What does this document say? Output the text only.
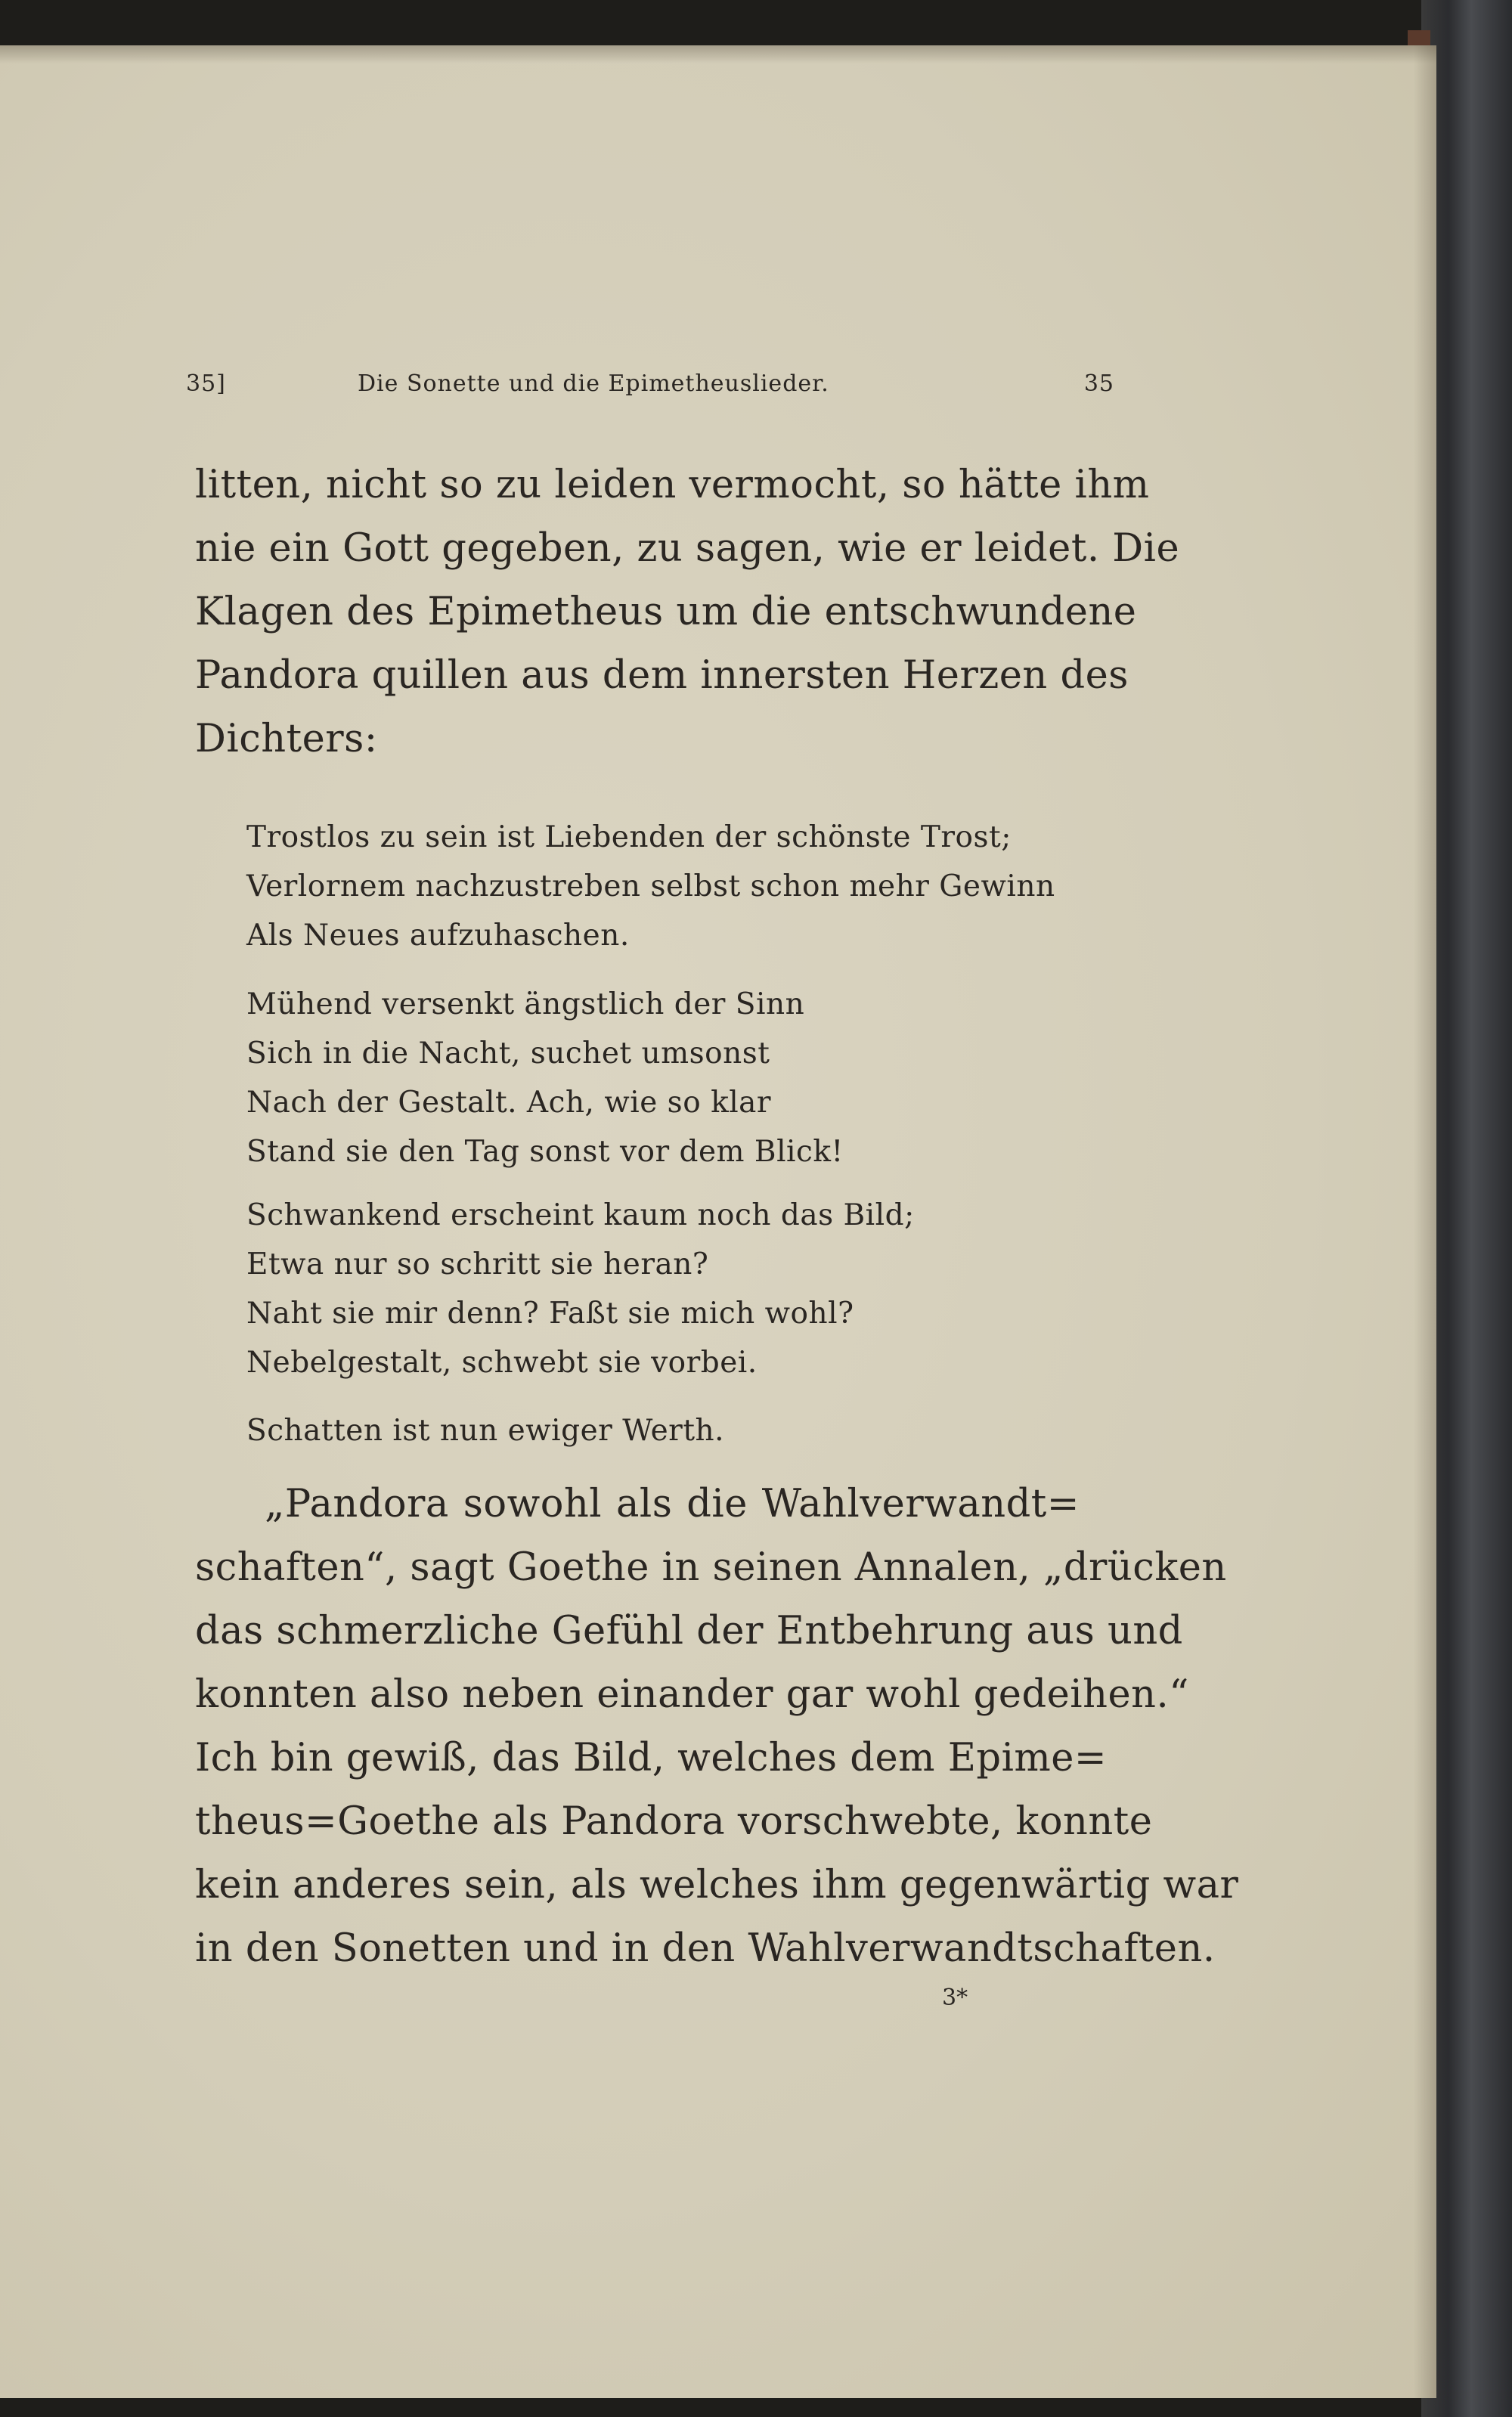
35]	Die Sonette und die Epimetheuslieder.	35
litten, nicht so zu leiden vermocht, so hätte ihm
nie ein Gott gegeben, zu sagen, wie er leidet. Die
Klagen des Epimetheus um die entschwundene
Pandora quillen aus dem innersten Herzen des
Dichters:
Trostlos zu sein ist Liebenden der schönste Trost;
Verlornem nachzustreben selbst schon mehr Gewinn
Als Neues aufzuhaschen.
Mühend versenkt ängstlich der Sinn
Sich in die Nacht, suchet umsonst
Nach der Gestalt. Ach, wie so klar
Stand sie den Tag sonst vor dem Blick!
Schwankend erscheint kaum noch das Bild;
Etwa nur so schritt sie heran?
Naht sie mir denn? Faßt sie mich wohl?
Nebelgestalt, schwebt sie vorbei.
Schatten ist nun ewiger Werth.
„Pandora sowohl als die Wahlverwandt=
schaften“, sagt Goethe in seinen Annalen, „drücken
das schmerzliche Gefühl der Entbehrung aus und
konnten also neben einander gar wohl gedeihen.“
Ich bin gewiß, das Bild, welches dem Epime=
theus=Goethe als Pandora vorschwebte, konnte
kein anderes sein, als welches ihm gegenwärtig war
in den Sonetten und in den Wahlverwandtschaften.
3*
